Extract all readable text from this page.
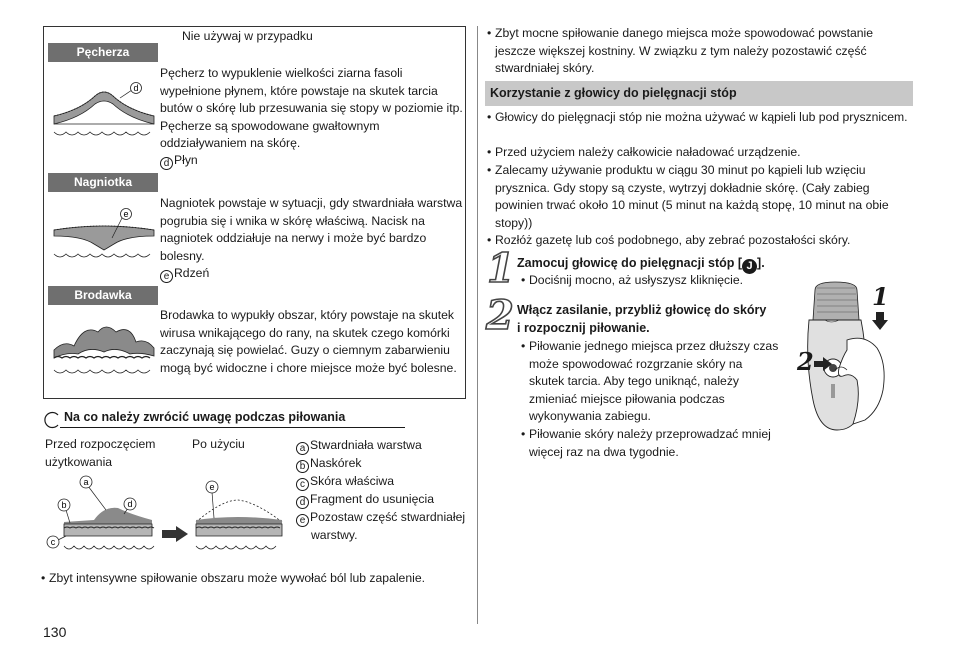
Nie używaj w przypadku
Pęcherza
Pęcherz to wypuklenie wielkości ziarna fasoli wypełnione płynem, które powstaje na skutek tarcia butów o skórę lub przesuwania się stopy w poziomie itp. Pęcherze są spowodowane gwałtownym oddziaływaniem na skórę.
d Płyn
d
Nagniotka
Nagniotek powstaje w sytuacji, gdy stwardniała warstwa pogrubia się i wnika w skórę właściwą. Nacisk na nagniotek oddziałuje na nerwy i może być bardzo bolesny.
e Rdzeń
e
Brodawka
Brodawka to wypukły obszar, który powstaje na skutek wirusa wnikającego do rany, na skutek czego komórki zaczynają się powielać. Guzy o ciemnym zabarwieniu mogą być widoczne i chore miejsce może być bolesne.
Na co należy zwrócić uwagę podczas piłowania
Przed rozpoczęciem użytkowania
Po użyciu	a Stwardniała warstwa
b Naskórek
c Skóra właściwa
d Fragment do usunięcia
e Pozostaw część stwardniałej warstwy.
a
b	d
c
e
• Zbyt intensywne spiłowanie obszaru może wywołać ból lub zapalenie.
130
• Zbyt mocne spiłowanie danego miejsca może spowodować powstanie jeszcze większej kostniny. W związku z tym należy pozostawić część stwardniałej skóry.
Korzystanie z głowicy do pielęgnacji stóp
• Głowicy do pielęgnacji stóp nie można używać w kąpieli lub pod prysznicem.
• Przed użyciem należy całkowicie naładować urządzenie.
• Zalecamy używanie produktu w ciągu 30 minut po kąpieli lub wzięciu prysznica. Gdy stopy są czyste, wytrzyj dokładnie skórę. (Cały zabieg powinien trwać około 10 minut (5 minut na każdą stopę, 10 minut na obie stopy))
• Rozłóż gazetę lub coś podobnego, aby zebrać pozostałości skóry.
1 Zamocuj głowicę do pielęgnacji stóp [ J ].
• Dociśnij mocno, aż usłyszysz kliknięcie.
2 Włącz zasilanie, przybliż głowicę do skóry i rozpocznij piłowanie.
• Piłowanie jednego miejsca przez dłuższy czas może spowodować rozgrzanie skóry na skutek tarcia. Aby tego uniknąć, należy zmieniać miejsce piłowania podczas wykonywania zabiegu.
• Piłowanie skóry należy przeprowadzać mniej więcej raz na dwa tygodnie.
1
2
